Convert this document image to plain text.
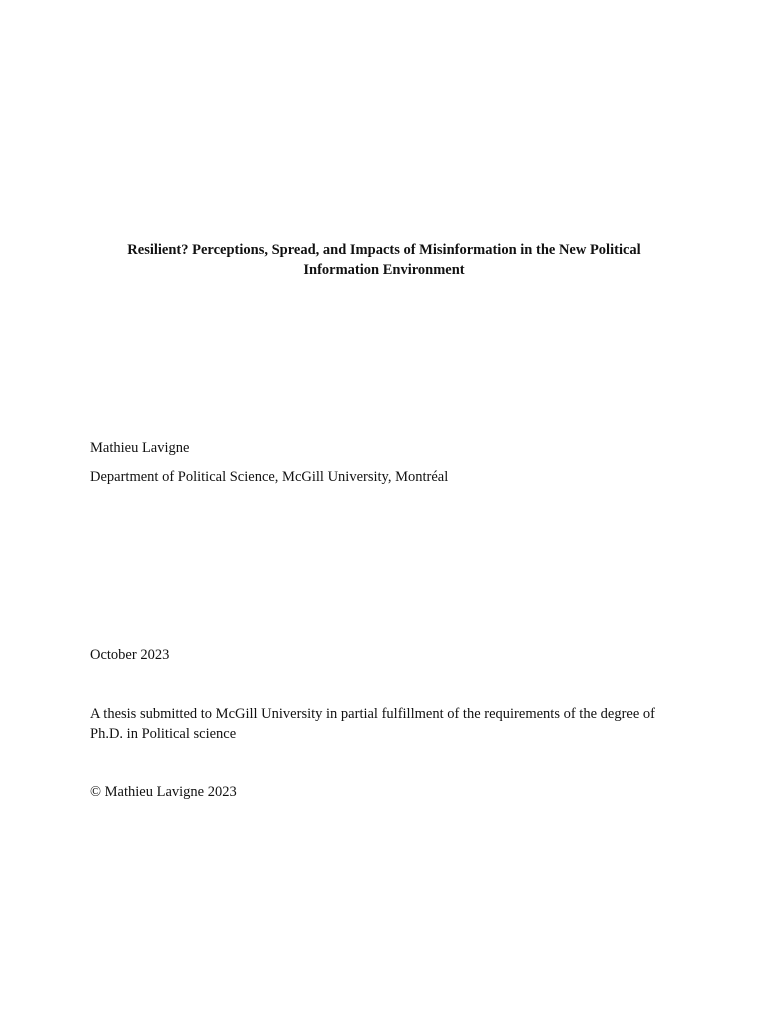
Resilient? Perceptions, Spread, and Impacts of Misinformation in the New Political
Information Environment
Mathieu Lavigne
Department of Political Science, McGill University, Montréal
October 2023
A thesis submitted to McGill University in partial fulfillment of the requirements of the degree of
Ph.D. in Political science
© Mathieu Lavigne 2023
